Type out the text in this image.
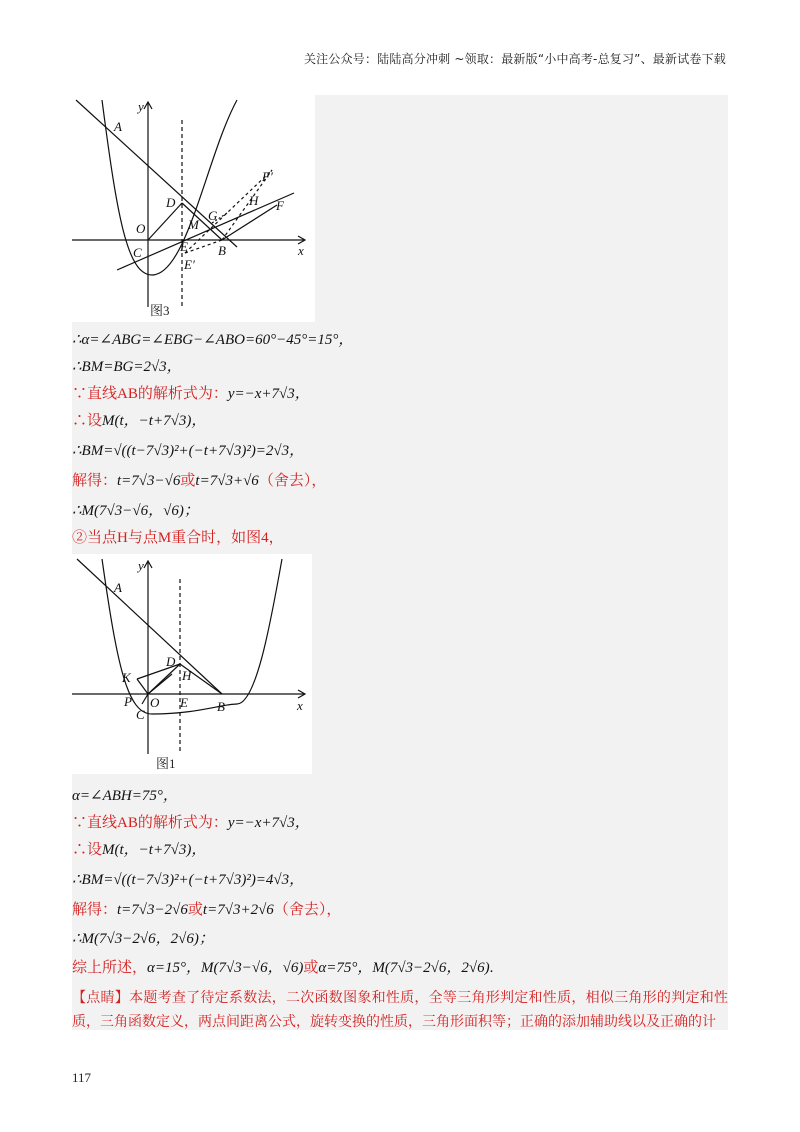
关注公众号：陆陆高分冲刺 ~领取：最新版“小中高考-总复习”、最新试卷下载
y
x
A
O
C
D
M
G
H F
F′
E
E′
B
图3
∴α=∠ABG=∠EBG−∠ABO=60°−45°=15°，
∴BM=BG=2√3，
∵直线AB的解析式为：y=−x+7√3，
∴设M(t，−t+7√3)，
∴BM=√((t−7√3)²+(−t+7√3)²)=2√3，
解得：t=7√3−√6或t=7√3+√6（舍去），
∴M(7√3−√6，√6)；
②当点H与点M重合时，如图4，
y
x
A
K
D
H
P O
C
E B
图1
α=∠ABH=75°，
∵直线AB的解析式为：y=−x+7√3，
∴设M(t，−t+7√3)，
∴BM=√((t−7√3)²+(−t+7√3)²)=4√3，
解得：t=7√3−2√6或t=7√3+2√6（舍去），
∴M(7√3−2√6，2√6)；
综上所述，α=15°，M(7√3−√6，√6)或α=75°，M(7√3−2√6，2√6).
【点睛】本题考查了待定系数法，二次函数图象和性质，全等三角形判定和性质，相似三角形的判定和性质，三角函数定义，两点间距离公式，旋转变换的性质，三角形面积等；正确的添加辅助线以及正确的计
117
